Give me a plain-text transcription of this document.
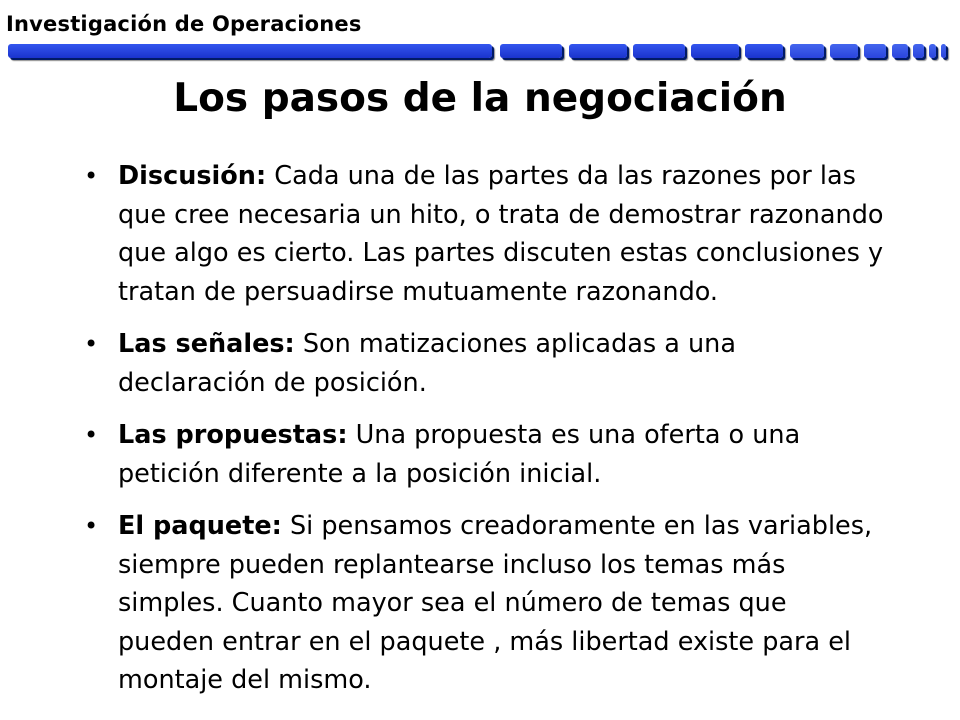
Investigación de Operaciones
Los pasos de la negociación
• Discusión: Cada una de las partes da las razones por las que cree necesaria un hito, o trata de demostrar razonando que algo es cierto. Las partes discuten estas conclusiones y tratan de persuadirse mutuamente razonando.
• Las señales: Son matizaciones aplicadas a una declaración de posición.
• Las propuestas: Una propuesta es una oferta o una petición diferente a la posición inicial.
• El paquete: Si pensamos creadoramente en las variables, siempre pueden replantearse incluso los temas más simples. Cuanto mayor sea el número de temas que pueden entrar en el paquete , más libertad existe para el montaje del mismo.
